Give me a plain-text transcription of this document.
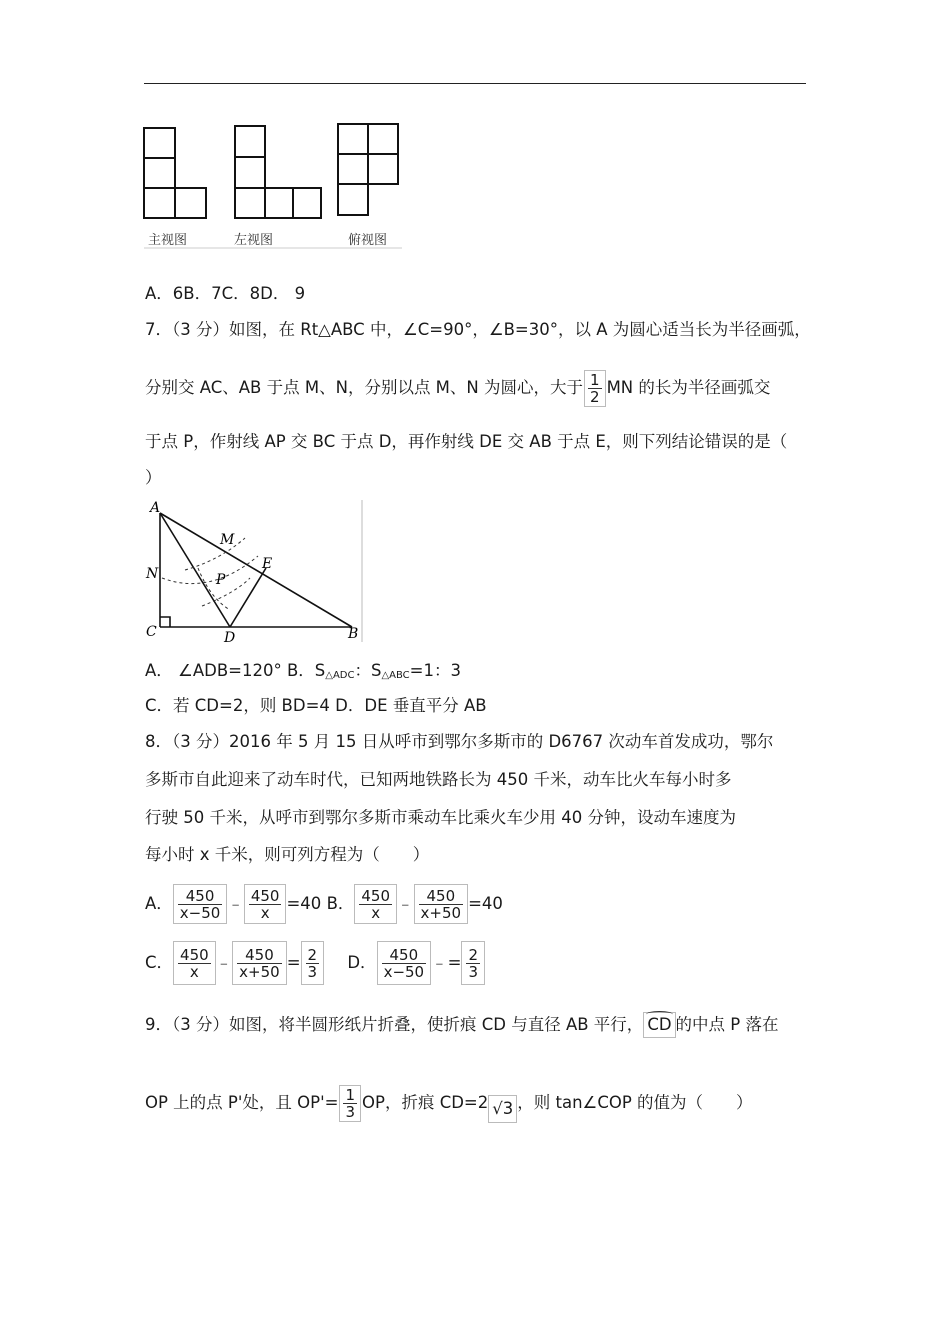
主视图	左视图	俯视图
A．6B．7C．8D． 9
7．（3 分）如图，在 Rt△ABC 中，∠C=90°，∠B=30°，以 A 为圆心适当长为半径画弧，
分别交 AC、AB 于点 M、N，分别以点 M、N 为圆心，大于 $\frac{1}{2}$ MN 的长为半径画弧交
于点 P，作射线 AP 交 BC 于点 D，再作射线 DE 交 AB 于点 E，则下列结论错误的是（
）
A
M
N	P
E
C	D	B
A． ∠ADB=120° B．$S_{\triangle ADC}$：$S_{\triangle ABC}=1$：3
C．若 CD=2，则 BD=4 D．DE 垂直平分 AB
8．（3 分）2016 年 5 月 15 日从呼市到鄂尔多斯市的 D6767 次动车首发成功，鄂尔
多斯市自此迎来了动车时代，已知两地铁路长为 450 千米，动车比火车每小时多
行驶 50 千米，从呼市到鄂尔多斯市乘动车比乘火车少用 40 分钟，设动车速度为
每小时 x 千米，则可列方程为（　　）
A． $\frac{450}{x-50}$ ﹣ $\frac{450}{x} =40$ B． $\frac{450}{x}$ ﹣ $\frac{450}{x+50} =40$
C． $\frac{450}{x}$ ﹣ $\frac{450}{x+50} = \frac{2}{3}$ D． $\frac{450}{x-50}$ ﹣= $\frac{2}{3}$
9．（3 分）如图，将半圆形纸片折叠，使折痕 CD 与直径 AB 平行， CD 的中点 P 落在
OP 上的点 P'处，且 $OP'= \frac{1}{3}$ OP，折痕 CD=2 √3 ，则 tan∠COP 的值为（　　）
